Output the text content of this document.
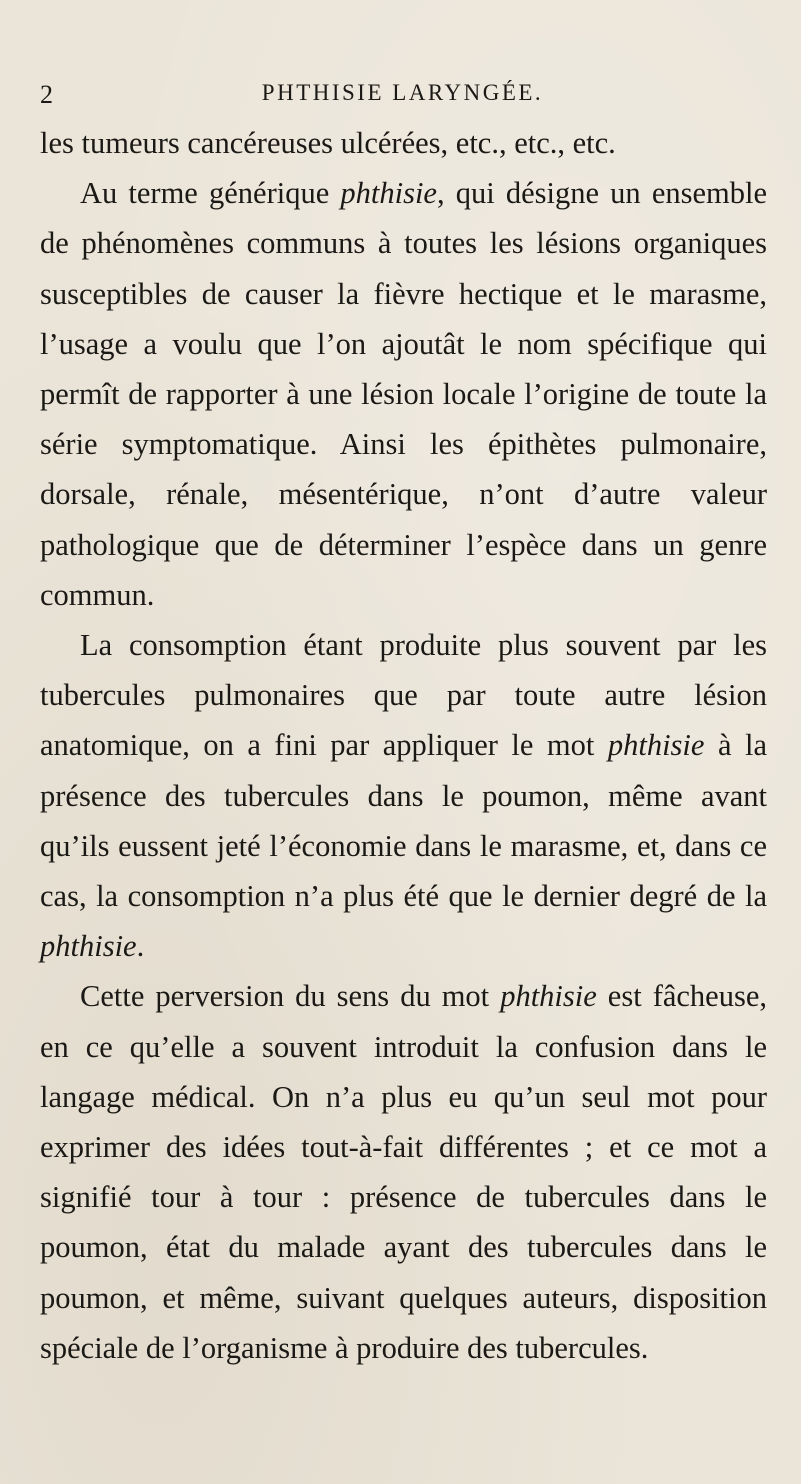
2	PHTHISIE LARYNGÉE.

les tumeurs cancéreuses ulcérées, etc., etc., etc.

Au terme générique phthisie, qui désigne un ensemble de phénomènes communs à toutes les lésions organiques susceptibles de causer la fièvre hectique et le marasme, l’usage a voulu que l’on ajoutât le nom spécifique qui permît de rapporter à une lésion locale l’origine de toute la série symptomatique. Ainsi les épithètes pulmonaire, dorsale, rénale, mésentérique, n’ont d’autre valeur pathologique que de déterminer l’espèce dans un genre commun.

La consomption étant produite plus souvent par les tubercules pulmonaires que par toute autre lésion anatomique, on a fini par appliquer le mot phthisie à la présence des tubercules dans le poumon, même avant qu’ils eussent jeté l’économie dans le marasme, et, dans ce cas, la consomption n’a plus été que le dernier degré de la phthisie.

Cette perversion du sens du mot phthisie est fâcheuse, en ce qu’elle a souvent introduit la confusion dans le langage médical. On n’a plus eu qu’un seul mot pour exprimer des idées tout-à-fait différentes ; et ce mot a signifié tour à tour : présence de tubercules dans le poumon, état du malade ayant des tubercules dans le poumon, et même, suivant quelques auteurs, disposition spéciale de l’organisme à produire des tubercules.
